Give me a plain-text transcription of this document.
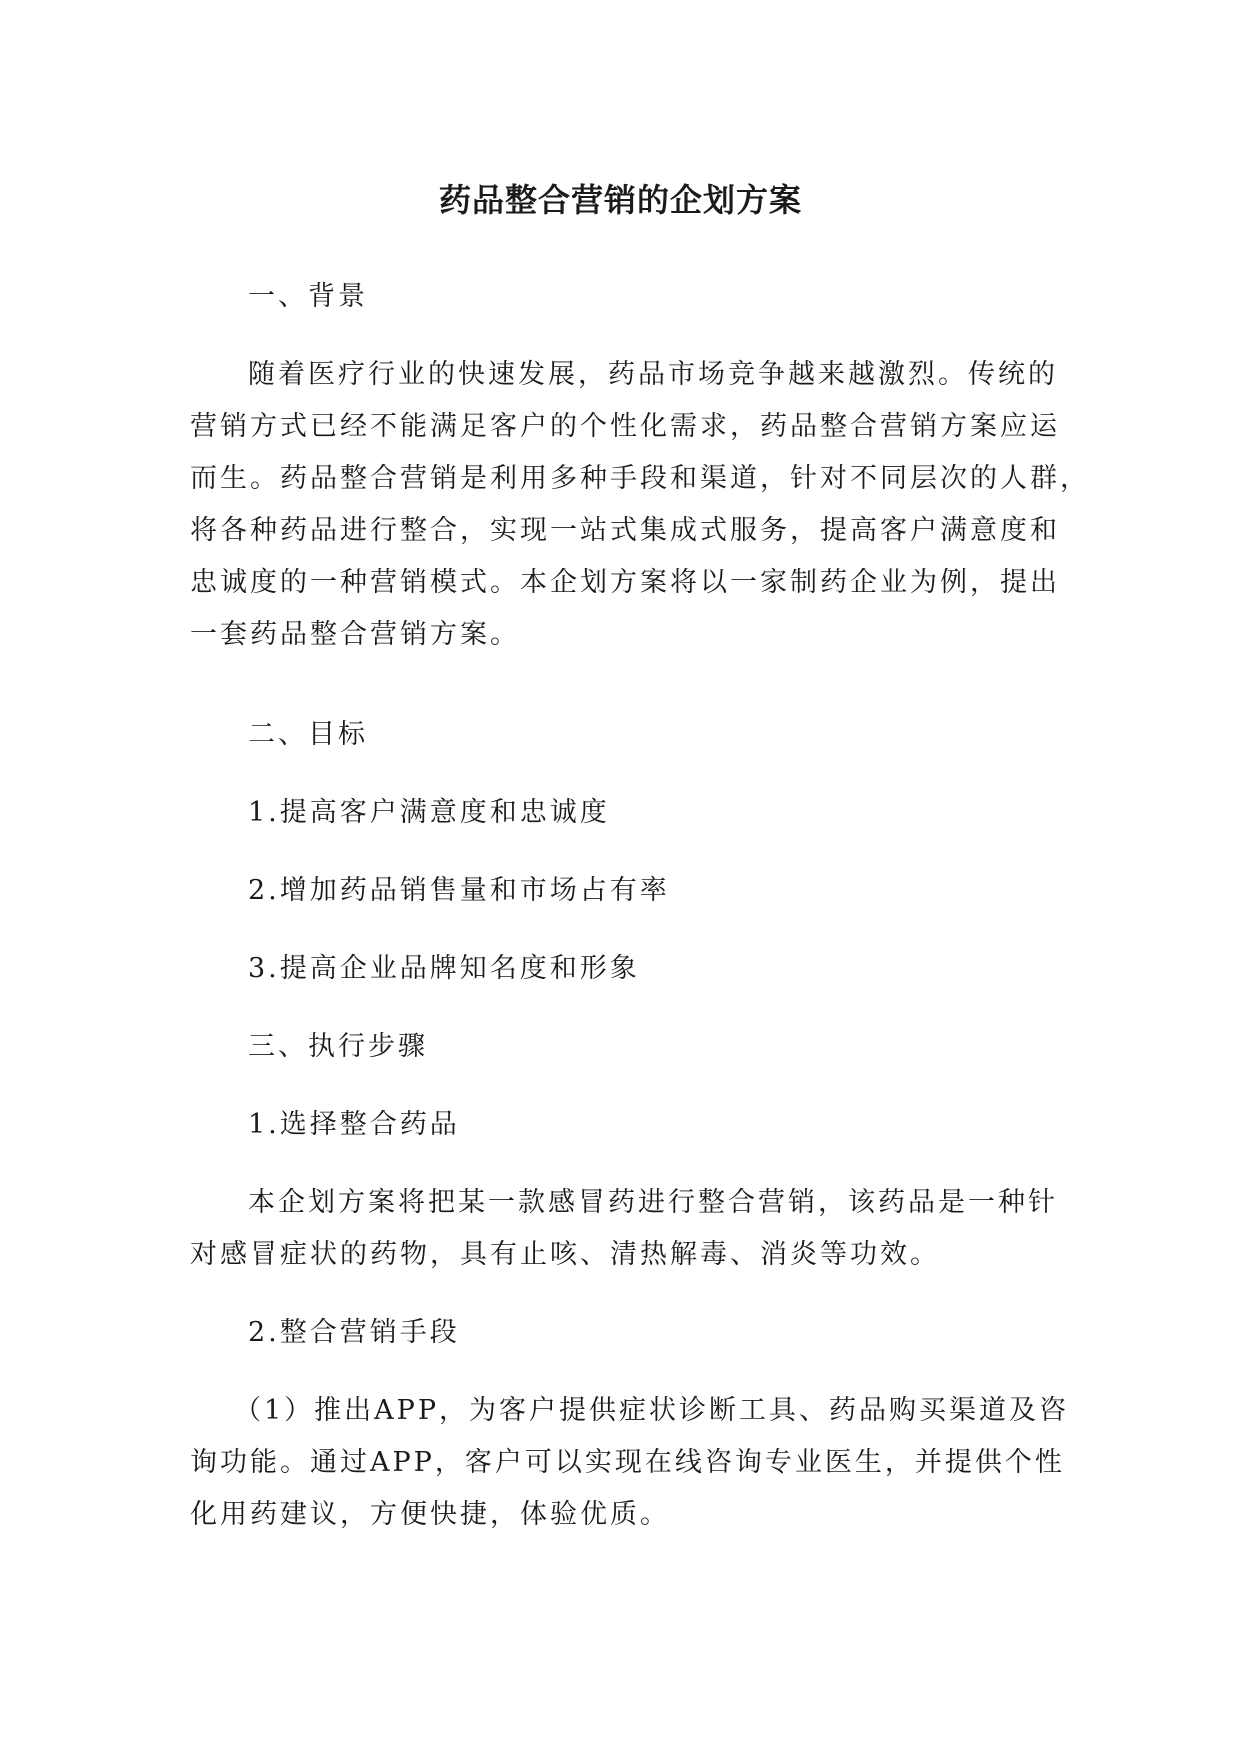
药品整合营销的企划方案
一、背景
随着医疗行业的快速发展，药品市场竞争越来越激烈。传统的
营销方式已经不能满足客户的个性化需求，药品整合营销方案应运
而生。药品整合营销是利用多种手段和渠道，针对不同层次的人群，
将各种药品进行整合，实现一站式集成式服务，提高客户满意度和
忠诚度的一种营销模式。本企划方案将以一家制药企业为例，提出
一套药品整合营销方案。
二、目标
1.提高客户满意度和忠诚度
2.增加药品销售量和市场占有率
3.提高企业品牌知名度和形象
三、执行步骤
1.选择整合药品
本企划方案将把某一款感冒药进行整合营销，该药品是一种针
对感冒症状的药物，具有止咳、清热解毒、消炎等功效。
2.整合营销手段
（1）推出APP，为客户提供症状诊断工具、药品购买渠道及咨
询功能。通过APP，客户可以实现在线咨询专业医生，并提供个性
化用药建议，方便快捷，体验优质。
